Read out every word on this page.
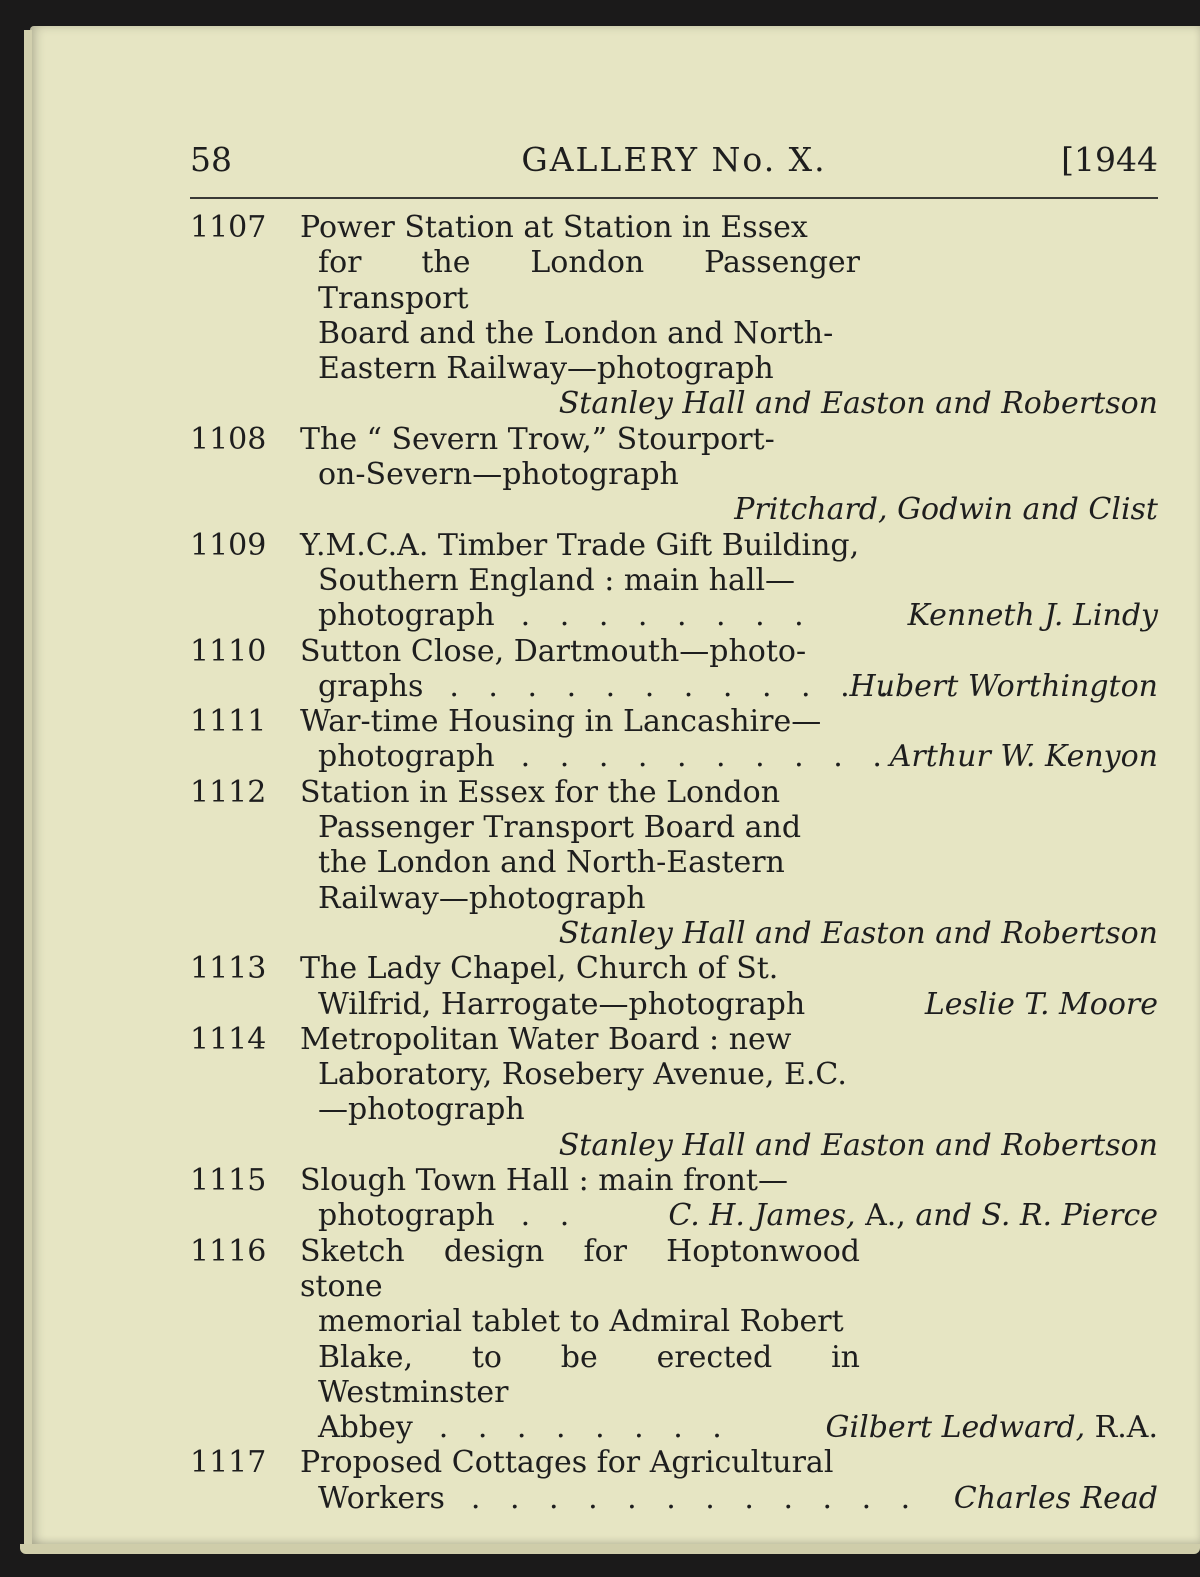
58	GALLERY No. X.	[1944
1107	Power Station at Station in Essex
for the London Passenger Transport
Board and the London and North-
Eastern Railway—photograph
Stanley Hall and Easton and Robertson
1108	The “ Severn Trow,” Stourport-
on-Severn—photograph
Pritchard, Godwin and Clist
1109	Y.M.C.A. Timber Trade Gift Building,
Southern England : main hall—
photograph . . . . . . . .	Kenneth J. Lindy
1110	Sutton Close, Dartmouth—photo-
graphs . . . . . . . . . . . .
Hubert Worthington
1111	War-time Housing in Lancashire—
photograph . . . . . . . . . .
Arthur W. Kenyon
1112	Station in Essex for the London
Passenger Transport Board and
the London and North-Eastern
Railway—photograph
Stanley Hall and Easton and Robertson
1113	The Lady Chapel, Church of St.
Wilfrid, Harrogate—photograph	Leslie T. Moore
1114	Metropolitan Water Board : new
Laboratory, Rosebery Avenue, E.C.
—photograph
Stanley Hall and Easton and Robertson
1115	Slough Town Hall : main front—
photograph . .	C. H. James, A., and S. R. Pierce
1116	Sketch design for Hoptonwood stone
memorial tablet to Admiral Robert
Blake, to be erected in Westminster
Abbey . . . . . . . .	Gilbert Ledward, R.A.
1117	Proposed Cottages for Agricultural
Workers . . . . . . . . . . . .	Charles Read
